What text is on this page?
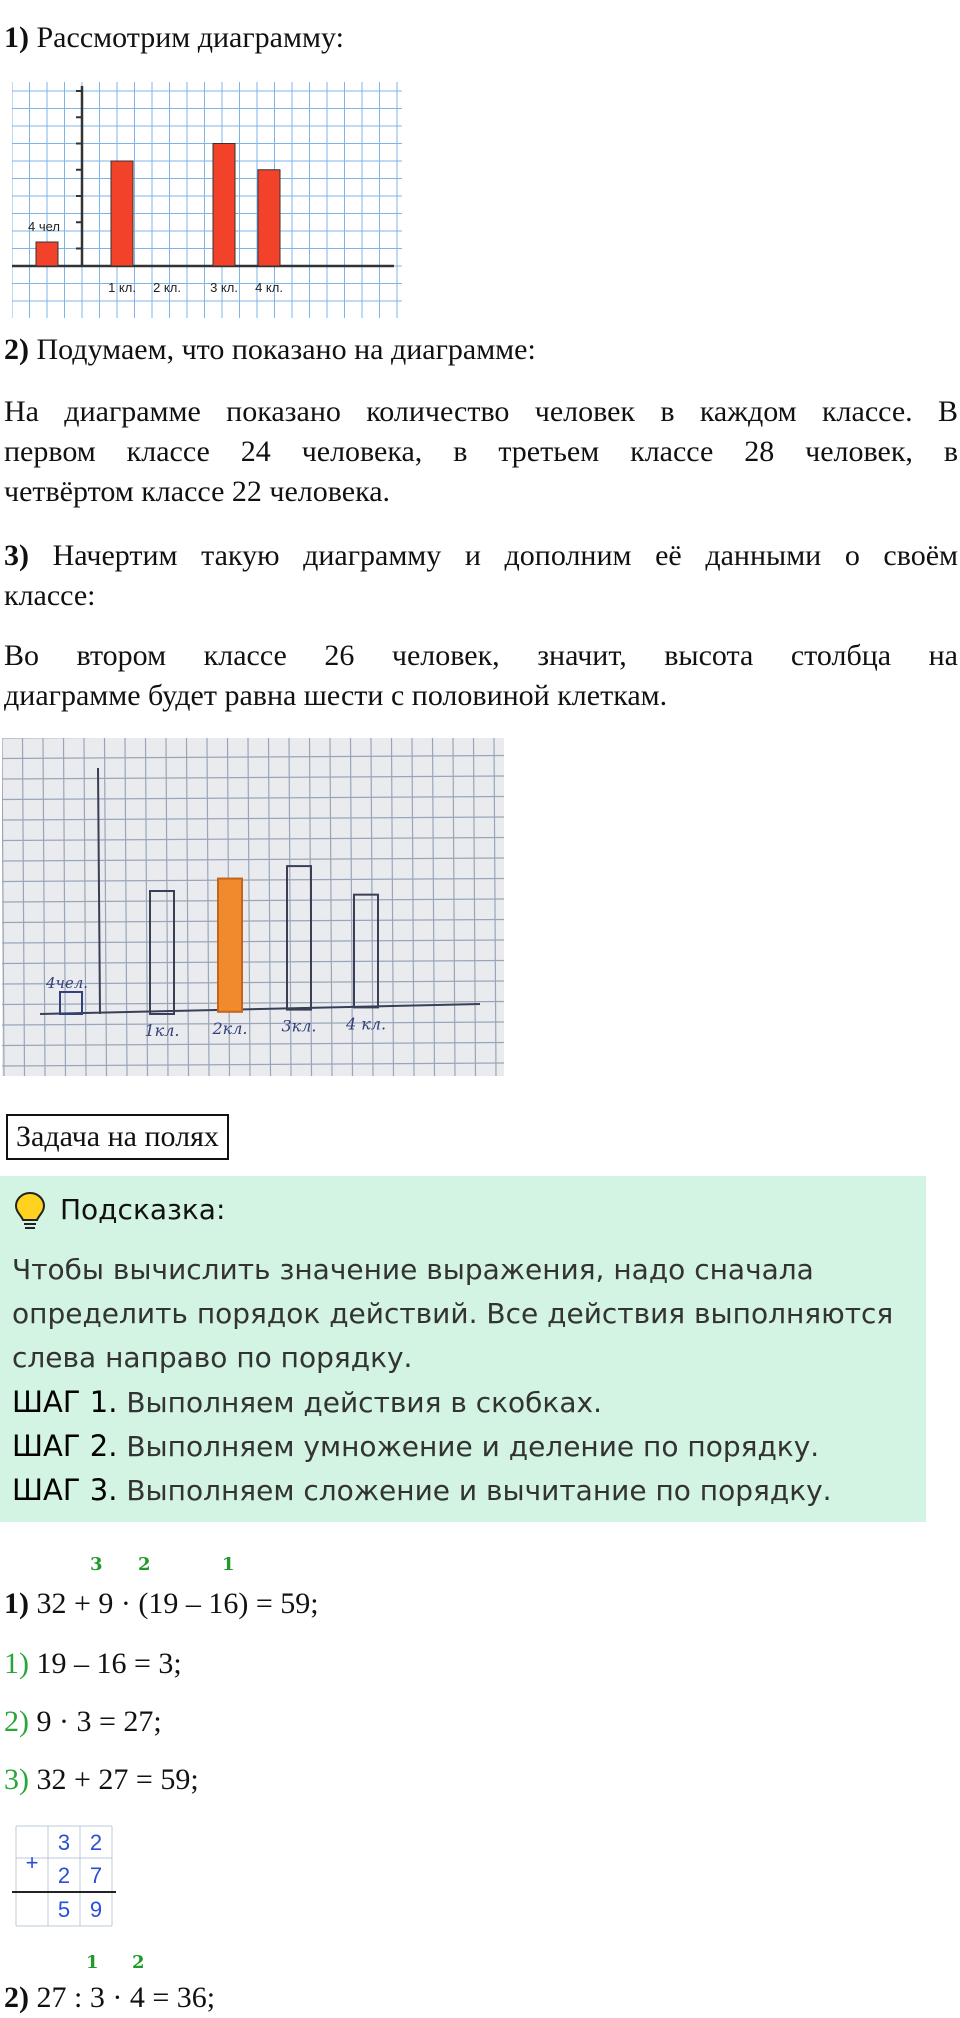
1) Рассмотрим диаграмму:

4 чел
1 кл. 2 кл. 3 кл. 4 кл.

2) Подумаем, что показано на диаграмме:

На диаграмме показано количество человек в каждом классе. В
первом классе 24 человека, в третьем классе 28 человек, в
четвёртом классе 22 человека.
3) Начертим такую диаграмму и дополним её данными о своём
классе:
Во втором классе 26 человек, значит, высота столбца на
диаграмме будет равна шести с половиной клеткам.
4чел.
1кл. 2кл. 3кл. 4 кл.
Задача на полях
Подсказка:
Чтобы вычислить значение выражения, надо сначала
определить порядок действий. Все действия выполняются
слева направо по порядку.
ШАГ 1. Выполняем действия в скобках.
ШАГ 2. Выполняем умножение и деление по порядку.
ШАГ 3. Выполняем сложение и вычитание по порядку.
3 2	1
1) 32 + 9 · (19 – 16) = 59;
1) 19 – 16 = 3;
2) 9 · 3 = 27;
3) 32 + 27 = 59;
+
3 2
2 7
5 9
1 2
2) 27 : 3 · 4 = 36;
